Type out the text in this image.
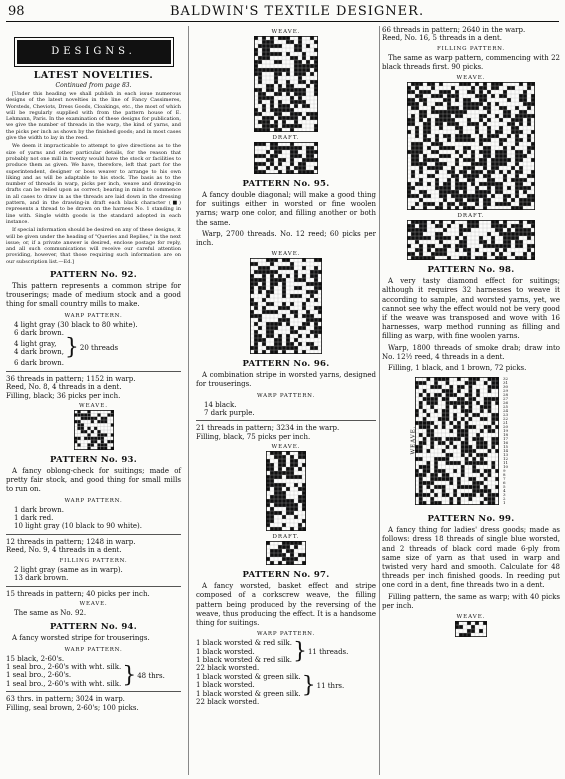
98	BALDWIN'S TEXTILE DESIGNER.
DESIGNS.
LATEST NOVELTIES.
Continued from page 83.

[Under this heading we shall publish in each issue numerous designs of the latest novelties in the line of Fancy Cassimeres, Worsteds, Cheviots, Dress Goods, Cloakings, etc., the most of which will be regularly supplied with from the pattern house of E. Lehmann, Paris. In the examination of these designs for publication, we give the number of threads in the warp, the kind of yarns, and the picks per inch as shown by the finished goods; and in most cases give the width to lay in the reed.

We deem it impracticable to attempt to give directions as to the size of yarns and other particular details, for the reason that probably not one mill in twenty would have the stock or facilities to produce them as given. We have, therefore, left that part for the superintendent, designer or boss weaver to arrange to his own liking and as will be adaptable to his stock. The basis as to the number of threads in warp, picks per inch, weave and drawing-in drafts can be relied upon as correct; bearing in mind to commence in all cases to draw in as the threads are laid down in the dressing pattern, and in the drawing-in draft each black character (■) represents a thread to be drawn on the harness No. 1 standing in line with. Single width goods is the standard adopted in each instance.

If special information should be desired on any of these designs, it will be given under the heading of "Queries and Replies," in the next issue; or, if a private answer is desired, enclose postage for reply, and all such communications will receive our careful attention providing, however, that those requiring such information are on our subscription list.—Ed.]

PATTERN No. 92.

This pattern represents a common stripe for trouserings; made of medium stock and a good thing for small country mills to make.

WARP PATTERN.
4 light gray (30 black to 80 white).
6 dark brown.
4 light gray,
4 dark brown, } 20 threads
6 dark brown.
36 threads in pattern; 1152 in warp.
Reed, No. 8, 4 threads in a dent.
Filling, black; 36 picks per inch.
WEAVE.
PATTERN No. 93.

A fancy oblong-check for suitings; made of pretty fair stock, and good thing for small mills to run on.

WARP PATTERN.
1 dark brown.
1 dark red.
10 light gray (10 black to 90 white).
12 threads in pattern; 1248 in warp.
Reed, No. 9, 4 threads in a dent.
FILLING PATTERN.
2 light gray (same as in warp).
13 dark brown.
15 threads in pattern; 40 picks per inch.
WEAVE.
The same as No. 92.
PATTERN No. 94.

A fancy worsted stripe for trouserings.

WARP PATTERN.
15 black, 2-60's.
1 seal bro., 2-60's with wht. silk.
1 seal bro., 2-60's.
1 seal bro., 2-60's with wht. silk. } 48 thrs.
63 thrs. in pattern; 3024 in warp.
Filling, seal brown, 2-60's; 100 picks.
WEAVE.
DRAFT.
PATTERN No. 95.

A fancy double diagonal; will make a good thing for suitings either in worsted or fine woolen yarns; warp one color, and filling another or both the same.

Warp, 2700 threads. No. 12 reed; 60 picks per inch.

WEAVE.
PATTERN No. 96.

A combination stripe in worsted yarns, designed for trouserings.

WARP PATTERN.
14 black.
7 dark purple.
21 threads in pattern; 3234 in the warp.
Filling, black, 75 picks per inch.
WEAVE.
DRAFT.
PATTERN No. 97.

A fancy worsted, basket effect and stripe composed of a corkscrew weave, the filling pattern being produced by the reversing of the weave, thus producing the effect. It is a handsome thing for suitings.

WARP PATTERN.
1 black worsted & red silk.
1 black worsted.
1 black worsted & red silk. } 11 threads.
22 black worsted.
1 black worsted & green silk.
1 black worsted.
1 black worsted & green silk. } 11 thrs.
22 black worsted.
66 threads in pattern; 2640 in the warp.
Reed, No. 16, 5 threads in a dent.
FILLING PATTERN.

The same as warp pattern, commencing with 22 black threads first. 90 picks.

WEAVE.
DRAFT.
PATTERN No. 98.

A very tasty diamond effect for suitings; although it requires 32 harnesses to weave it according to sample, and worsted yarns, yet, we cannot see why the effect would not be very good if the weave was transposed and wove with 16 harnesses, warp method running as filling and filling as warp, with fine woolen yarns.

Warp, 1800 threads of smoke drab; draw into No. 12½ reed, 4 threads in a dent.

Filling, 1 black, and 1 brown, 72 picks.

WEAVE.
32
31
30
29
28
27
26
25
24
23
22
21
20
19
18
17
16
15
14
13
12
11
10
9
8
7
6
5
4
3
2
1
PATTERN No. 99.

A fancy thing for ladies' dress goods; made as follows: dress 18 threads of single blue worsted, and 2 threads of black cord made 6-ply from same size of yarn as that used in warp and twisted very hard and smooth. Calculate for 48 threads per inch finished goods. In reeding put one cord in a dent, fine threads two in a dent.

Filling pattern, the same as warp; with 40 picks per inch.

WEAVE.
